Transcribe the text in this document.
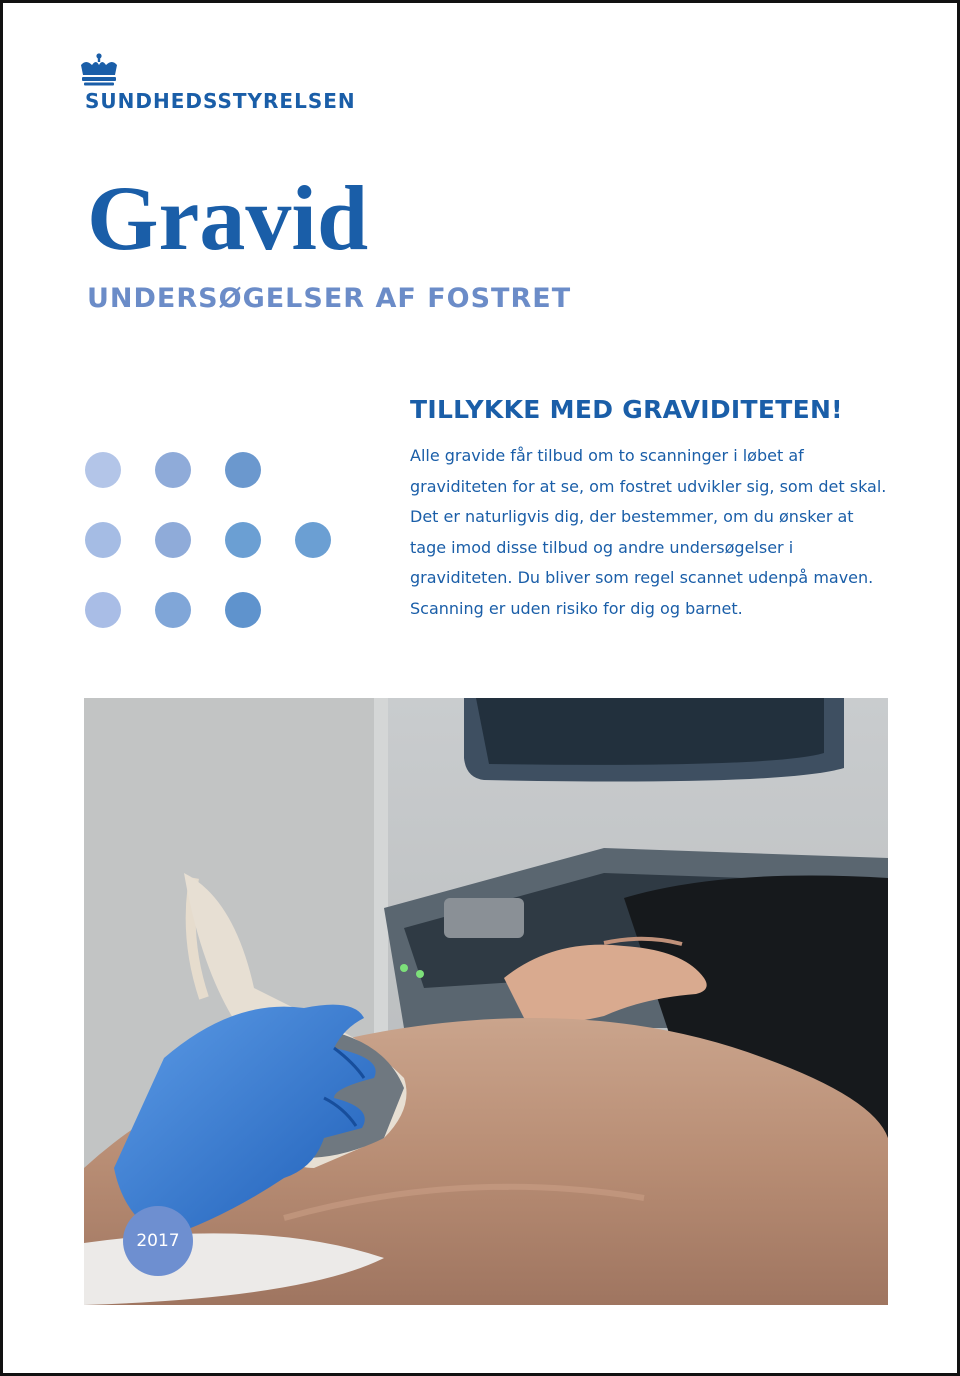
SUNDHEDSSTYRELSEN
Gravid
UNDERSØGELSER AF FOSTRET
TILLYKKE MED GRAVIDITETEN!
Alle gravide får tilbud om to scanninger i løbet af graviditeten for at se, om fostret udvikler sig, som det skal. Det er naturligvis dig, der bestemmer, om du ønsker at tage imod disse tilbud og andre undersøgelser i graviditeten. Du bliver som regel scannet udenpå maven. Scanning er uden risiko for dig og barnet.
2017
